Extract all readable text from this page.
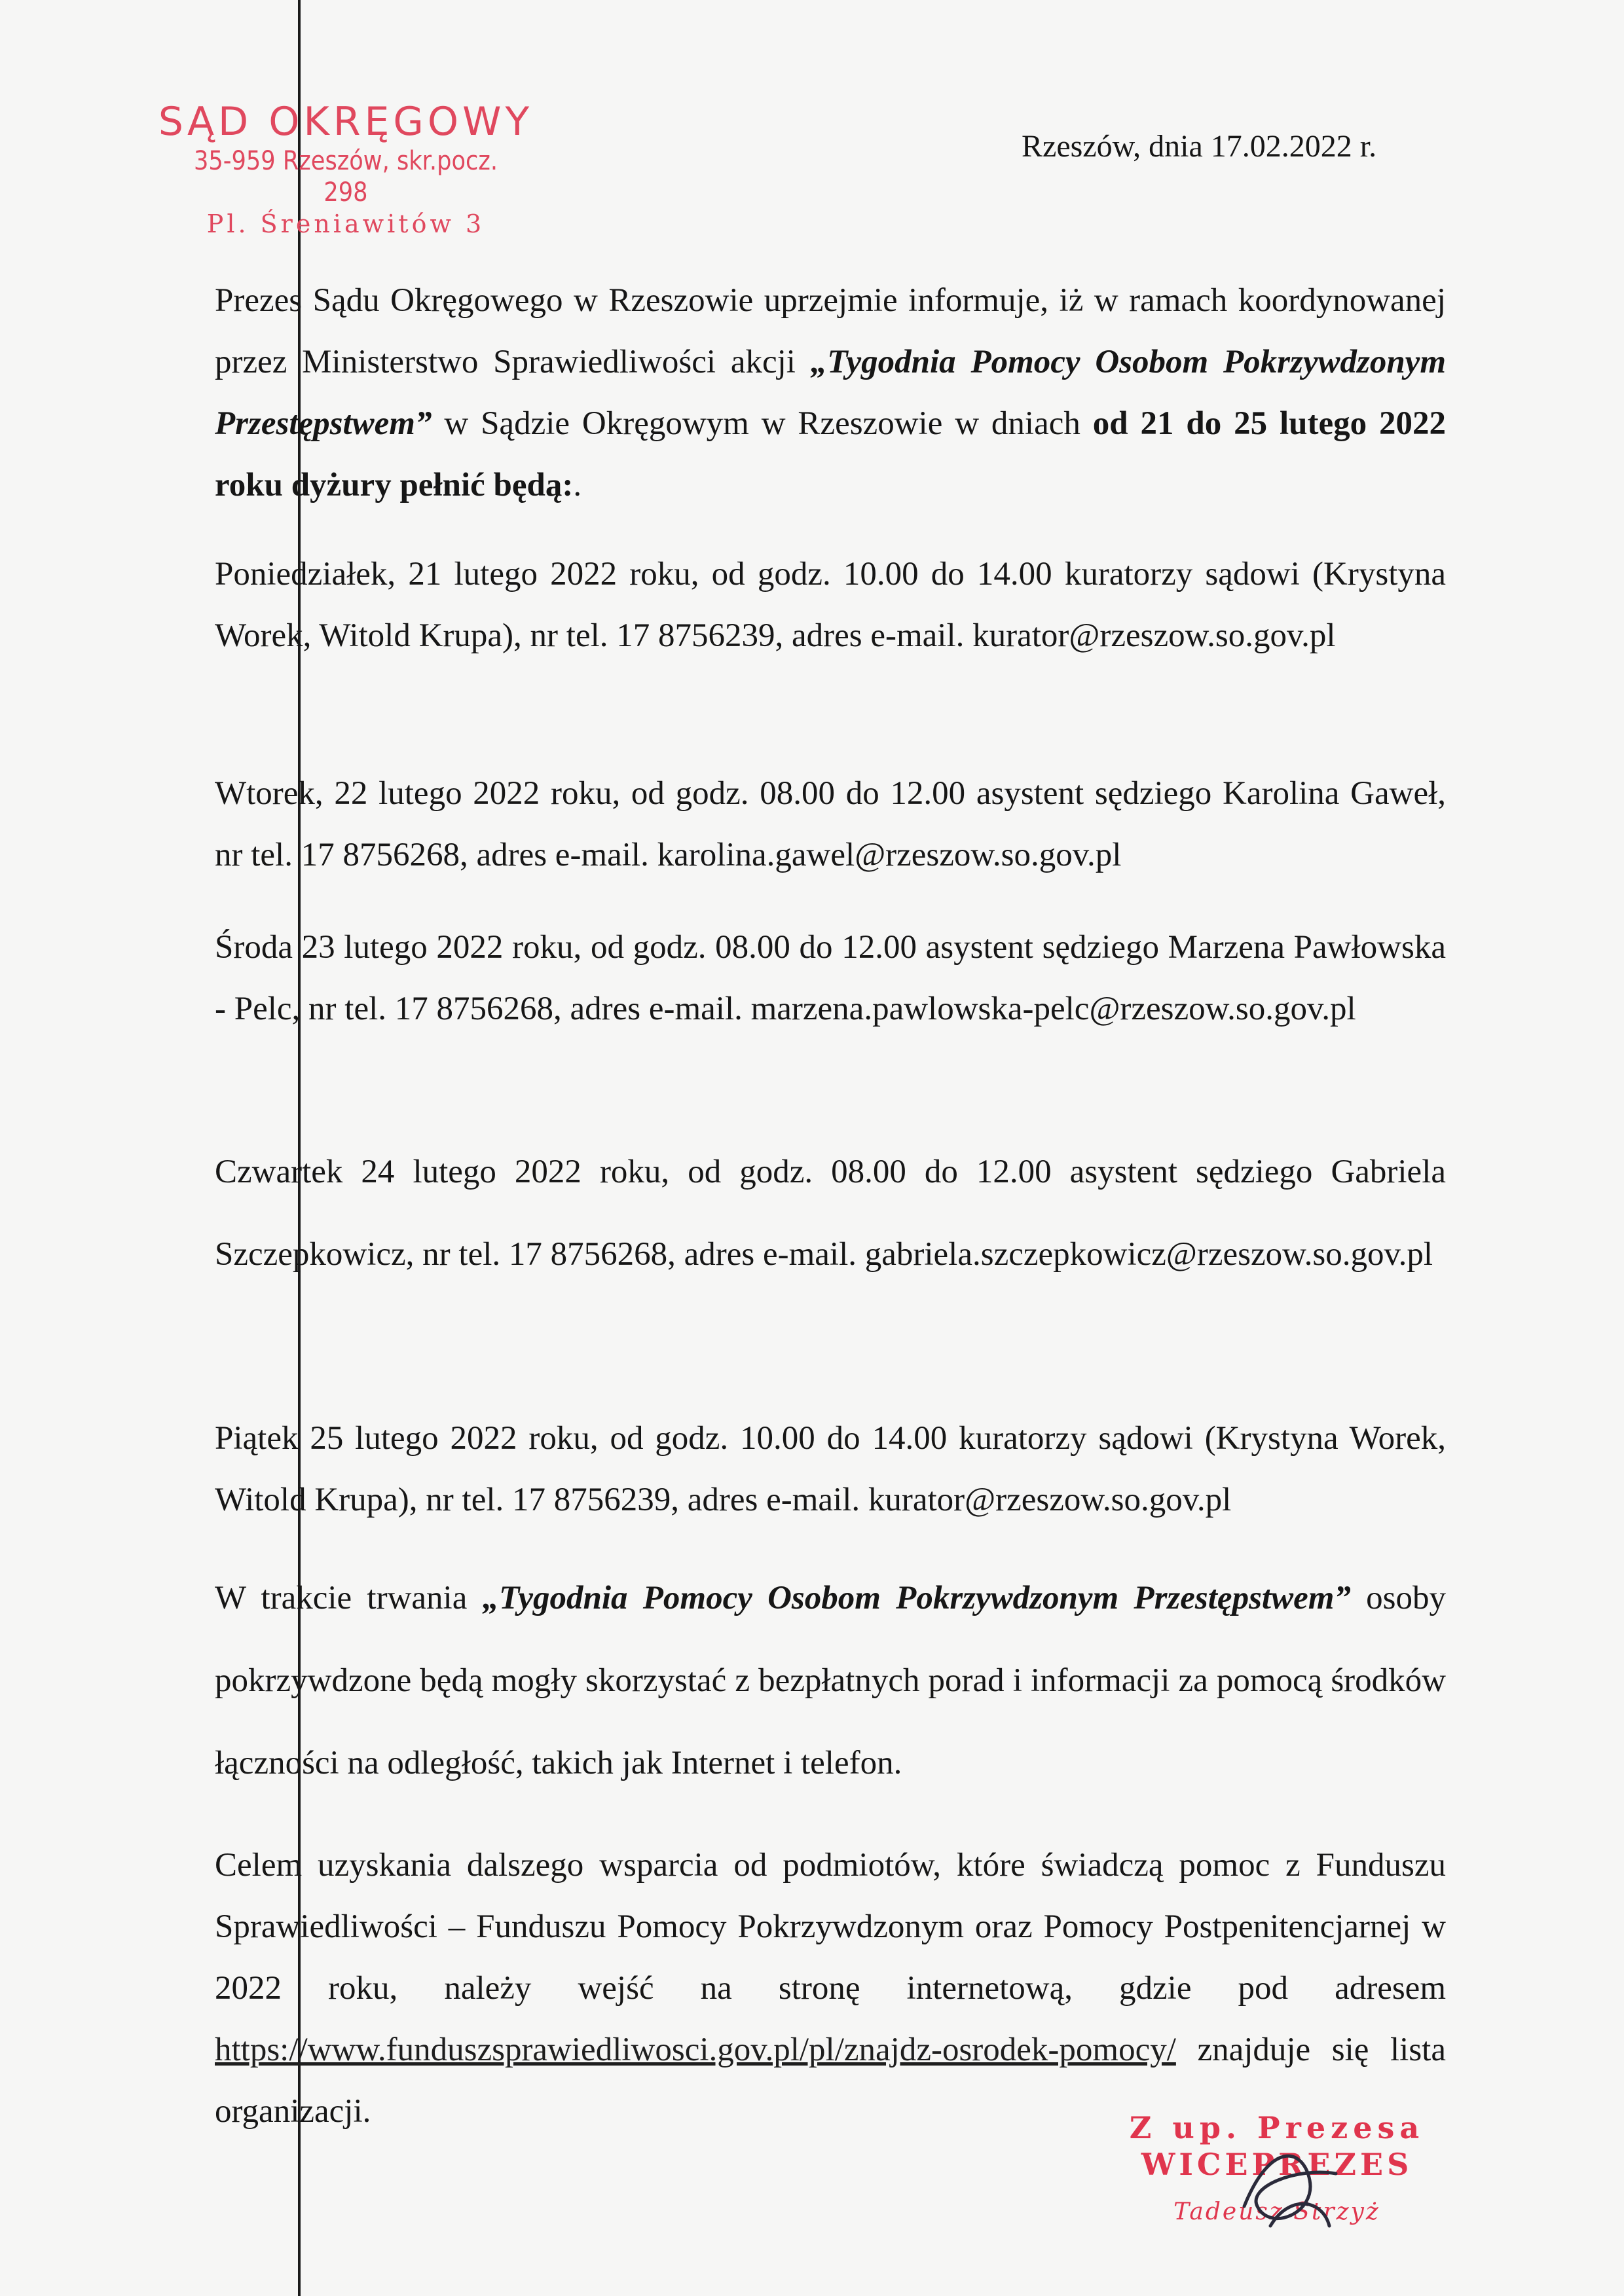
SĄD OKRĘGOWY
35-959 Rzeszów, skr.pocz. 298
Pl. Śreniawitów 3
Rzeszów, dnia 17.02.2022 r.
Prezes Sądu Okręgowego w Rzeszowie uprzejmie informuje, iż w ramach koordynowanej przez Ministerstwo Sprawiedliwości akcji „Tygodnia Pomocy Osobom Pokrzywdzonym Przestępstwem” w Sądzie Okręgowym w Rzeszowie w dniach od 21 do 25 lutego 2022 roku dyżury pełnić będą:.
Poniedziałek, 21 lutego 2022 roku, od godz. 10.00 do 14.00 kuratorzy sądowi (Krystyna Worek, Witold Krupa), nr tel. 17 8756239, adres e-mail. kurator@rzeszow.so.gov.pl
Wtorek, 22 lutego 2022 roku, od godz. 08.00 do 12.00 asystent sędziego Karolina Gaweł, nr tel. 17 8756268, adres e-mail. karolina.gawel@rzeszow.so.gov.pl
Środa 23 lutego 2022 roku, od godz. 08.00 do 12.00 asystent sędziego Marzena Pawłowska - Pelc, nr tel. 17 8756268, adres e-mail. marzena.pawlowska-pelc@rzeszow.so.gov.pl
Czwartek 24 lutego 2022 roku, od godz. 08.00 do 12.00 asystent sędziego Gabriela Szczepkowicz, nr tel. 17 8756268, adres e-mail. gabriela.szczepkowicz@rzeszow.so.gov.pl
Piątek 25 lutego 2022 roku, od godz. 10.00 do 14.00 kuratorzy sądowi (Krystyna Worek, Witold Krupa), nr tel. 17 8756239, adres e-mail. kurator@rzeszow.so.gov.pl
W trakcie trwania „Tygodnia Pomocy Osobom Pokrzywdzonym Przestępstwem” osoby pokrzywdzone będą mogły skorzystać z bezpłatnych porad i informacji za pomocą środków łączności na odległość, takich jak Internet i telefon.
Celem uzyskania dalszego wsparcia od podmiotów, które świadczą pomoc z Funduszu Sprawiedliwości – Funduszu Pomocy Pokrzywdzonym oraz Pomocy Postpenitencjarnej w 2022 roku, należy wejść na stronę internetową, gdzie pod adresem https://www.funduszsprawiedliwosci.gov.pl/pl/znajdz-osrodek-pomocy/ znajduje się lista organizacji.	Z up. Prezesa
WICEPREZES
Tadeusz Strzyż
